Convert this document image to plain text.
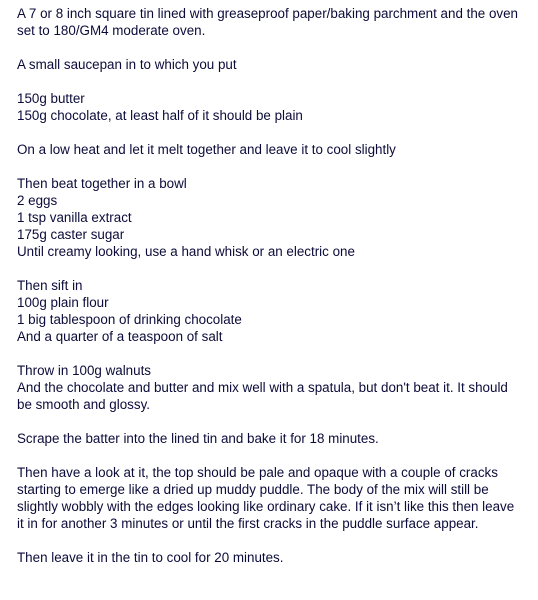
A 7 or 8 inch square tin lined with greaseproof paper/baking parchment and the oven set to 180/GM4 moderate oven.

A small saucepan in to which you put

150g butter
150g chocolate, at least half of it should be plain

On a low heat and let it melt together and leave it to cool slightly

Then beat together in a bowl
2 eggs
1 tsp vanilla extract
175g caster sugar
Until creamy looking, use a hand whisk or an electric one

Then sift in
100g plain flour
1 big tablespoon of drinking chocolate
And a quarter of a teaspoon of salt

Throw in 100g walnuts
And the chocolate and butter and mix well with a spatula, but don't beat it. It should be smooth and glossy.

Scrape the batter into the lined tin and bake it for 18 minutes.

Then have a look at it, the top should be pale and opaque with a couple of cracks starting to emerge like a dried up muddy puddle. The body of the mix will still be slightly wobbly with the edges looking like ordinary cake. If it isn’t like this then leave it in for another 3 minutes or until the first cracks in the puddle surface appear.

Then leave it in the tin to cool for 20 minutes.
